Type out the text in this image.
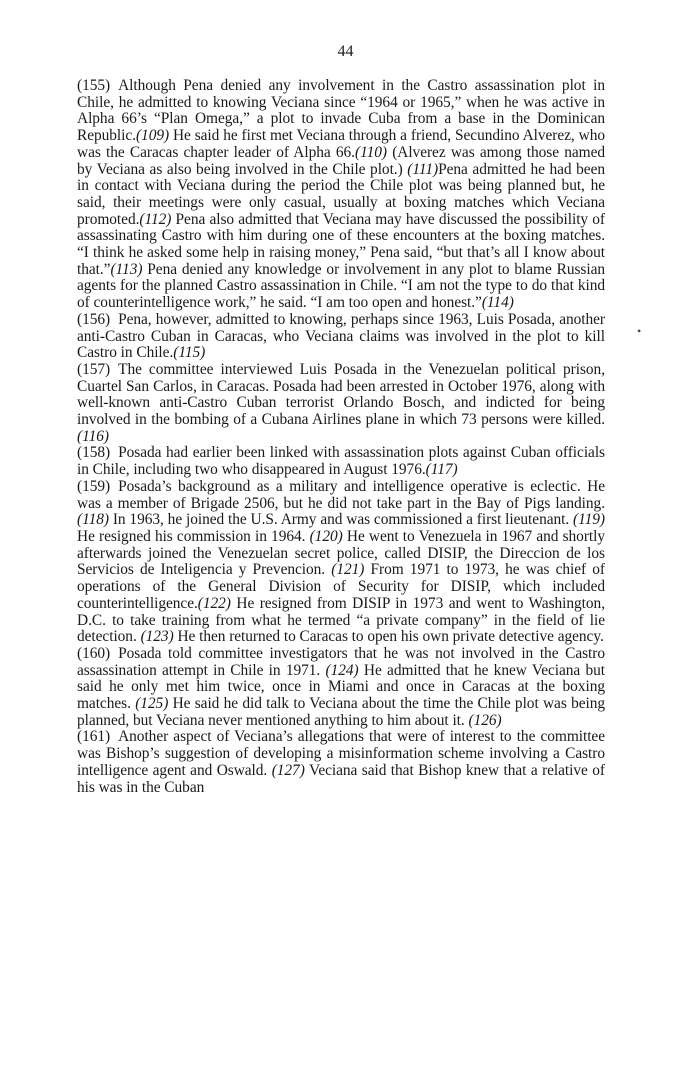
44

(155) Although Pena denied any involvement in the Castro assassination plot in Chile, he admitted to knowing Veciana since “1964 or 1965,” when he was active in Alpha 66’s “Plan Omega,” a plot to invade Cuba from a base in the Dominican Republic.(109) He said he first met Veciana through a friend, Secundino Alverez, who was the Caracas chapter leader of Alpha 66.(110) (Alverez was among those named by Veciana as also being involved in the Chile plot.) (111)Pena admitted he had been in contact with Veciana during the period the Chile plot was being planned but, he said, their meetings were only casual, usually at boxing matches which Veciana promoted.(112) Pena also admitted that Veciana may have discussed the possibility of assassinating Castro with him during one of these encounters at the boxing matches. “I think he asked some help in raising money,” Pena said, “but that’s all I know about that.”(113) Pena denied any knowledge or involvement in any plot to blame Russian agents for the planned Castro assassination in Chile. “I am not the type to do that kind of counterintelligence work,” he said. “I am too open and honest.”(114)

(156) Pena, however, admitted to knowing, perhaps since 1963, Luis Posada, another anti-Castro Cuban in Caracas, who Veciana claims was involved in the plot to kill Castro in Chile.(115)

(157) The committee interviewed Luis Posada in the Venezuelan political prison, Cuartel San Carlos, in Caracas. Posada had been arrested in October 1976, along with well-known anti-Castro Cuban terrorist Orlando Bosch, and indicted for being involved in the bombing of a Cubana Airlines plane in which 73 persons were killed.(116)

(158) Posada had earlier been linked with assassination plots against Cuban officials in Chile, including two who disappeared in August 1976.(117)

(159) Posada’s background as a military and intelligence operative is eclectic. He was a member of Brigade 2506, but he did not take part in the Bay of Pigs landing. (118) In 1963, he joined the U.S. Army and was commissioned a first lieutenant. (119) He resigned his commission in 1964. (120) He went to Venezuela in 1967 and shortly afterwards joined the Venezuelan secret police, called DISIP, the Direccion de los Servicios de Inteligencia y Prevencion. (121) From 1971 to 1973, he was chief of operations of the General Division of Security for DISIP, which included counterintelligence.(122) He resigned from DISIP in 1973 and went to Washington, D.C. to take training from what he termed “a private company” in the field of lie detection. (123) He then returned to Caracas to open his own private detective agency.

(160) Posada told committee investigators that he was not involved in the Castro assassination attempt in Chile in 1971. (124) He admitted that he knew Veciana but said he only met him twice, once in Miami and once in Caracas at the boxing matches. (125) He said he did talk to Veciana about the time the Chile plot was being planned, but Veciana never mentioned anything to him about it. (126)

(161) Another aspect of Veciana’s allegations that were of interest to the committee was Bishop’s suggestion of developing a misinformation scheme involving a Castro intelligence agent and Oswald. (127) Veciana said that Bishop knew that a relative of his was in the Cuban

•
